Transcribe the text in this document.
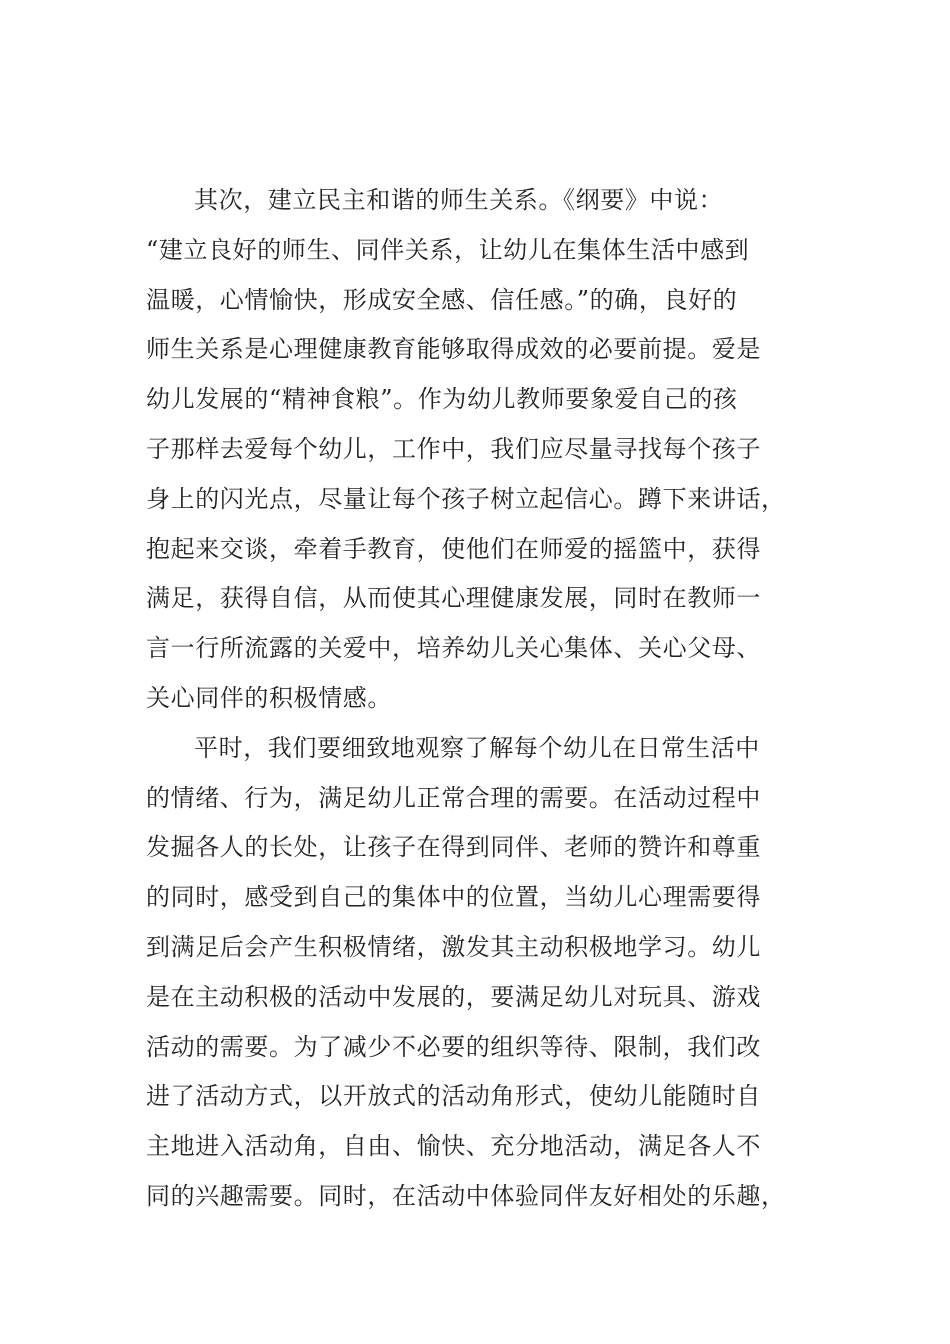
其次，建立民主和谐的师生关系。《纲要》中说：
“建立良好的师生、同伴关系，让幼儿在集体生活中感到
温暖，心情愉快，形成安全感、信任感。”的确，良好的
师生关系是心理健康教育能够取得成效的必要前提。爱是
幼儿发展的“精神食粮”。作为幼儿教师要象爱自己的孩
子那样去爱每个幼儿，工作中，我们应尽量寻找每个孩子
身上的闪光点，尽量让每个孩子树立起信心。蹲下来讲话，
抱起来交谈，牵着手教育，使他们在师爱的摇篮中，获得
满足，获得自信，从而使其心理健康发展，同时在教师一
言一行所流露的关爱中，培养幼儿关心集体、关心父母、
关心同伴的积极情感。
平时，我们要细致地观察了解每个幼儿在日常生活中
的情绪、行为，满足幼儿正常合理的需要。在活动过程中
发掘各人的长处，让孩子在得到同伴、老师的赞许和尊重
的同时，感受到自己的集体中的位置，当幼儿心理需要得
到满足后会产生积极情绪，激发其主动积极地学习。幼儿
是在主动积极的活动中发展的，要满足幼儿对玩具、游戏
活动的需要。为了减少不必要的组织等待、限制，我们改
进了活动方式，以开放式的活动角形式，使幼儿能随时自
主地进入活动角，自由、愉快、充分地活动，满足各人不
同的兴趣需要。同时，在活动中体验同伴友好相处的乐趣，
